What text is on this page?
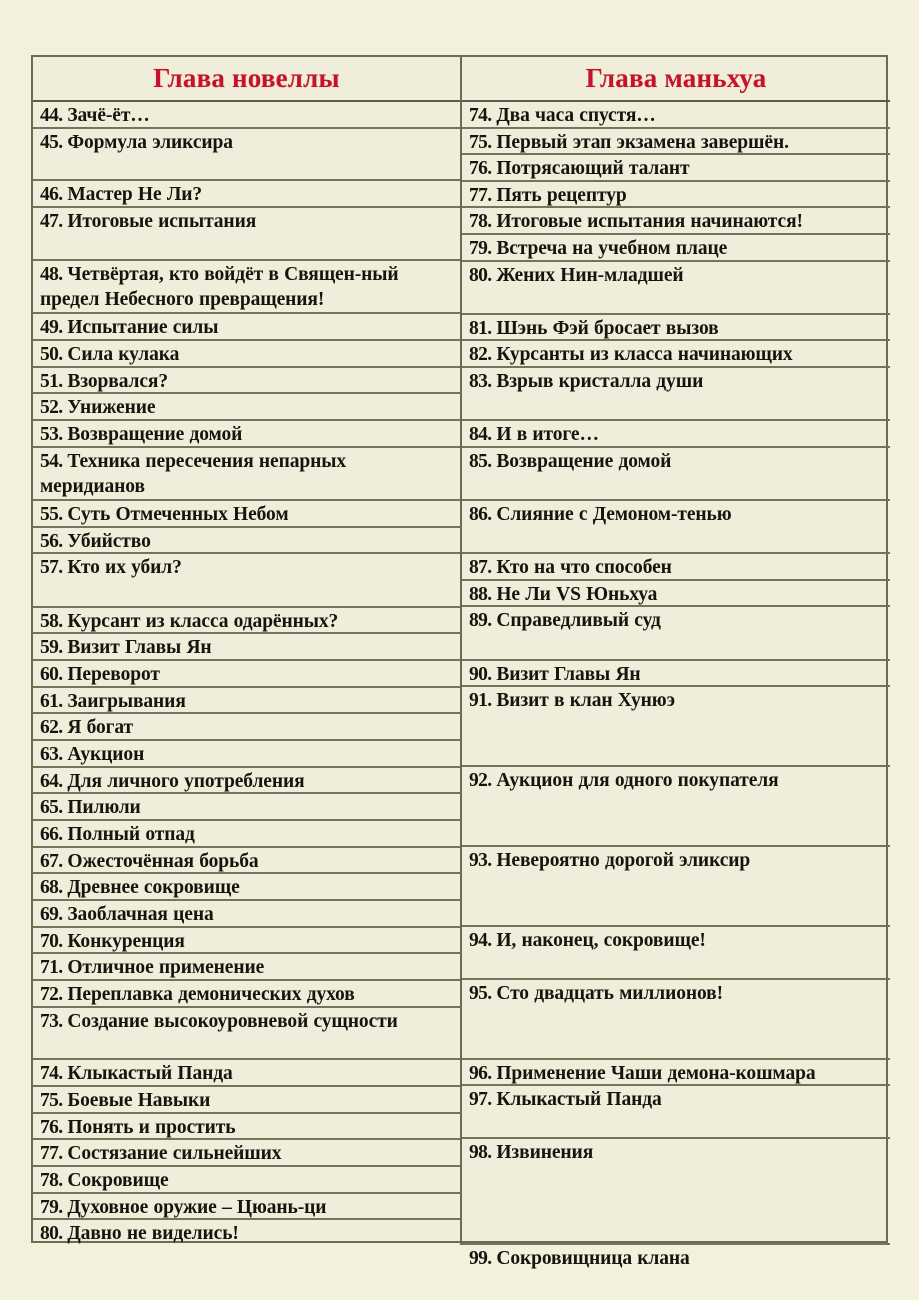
Глава новеллы	Глава маньхуа
44. Зачё-ёт…
45. Формула эликсира
46. Мастер Не Ли?
47. Итоговые испытания
48. Четвёртая, кто войдёт в Священ-ный предел Небесного превращения!
49. Испытание силы
50. Сила кулака
51. Взорвался?
52. Унижение
53. Возвращение домой
54. Техника пересечения непарных меридианов
55. Суть Отмеченных Небом
56. Убийство
57. Кто их убил?
58. Курсант из класса одарённых?
59. Визит Главы Ян
60. Переворот
61. Заигрывания
62. Я богат
63. Аукцион
64. Для личного употребления
65. Пилюли
66. Полный отпад
67. Ожесточённая борьба
68. Древнее сокровище
69. Заоблачная цена
70. Конкуренция
71. Отличное применение
72. Переплавка демонических духов
73. Создание высокоуровневой сущности
74. Клыкастый Панда
75. Боевые Навыки
76. Понять и простить
77. Состязание сильнейших
78. Сокровище
79. Духовное оружие – Цюань-ци
80. Давно не виделись!
74. Два часа спустя…
75. Первый этап экзамена завершён.
76. Потрясающий талант
77. Пять рецептур
78. Итоговые испытания начинаются!
79. Встреча на учебном плаце
80. Жених Нин-младшей
81. Шэнь Фэй бросает вызов
82. Курсанты из класса начинающих
83. Взрыв кристалла души
84. И в итоге…
85. Возвращение домой
86. Слияние с Демоном-тенью
87. Кто на что способен
88. Не Ли VS Юньхуа
89. Справедливый суд
90. Визит Главы Ян
91. Визит в клан Хунюэ
92. Аукцион для одного покупателя
93. Невероятно дорогой эликсир
94. И, наконец, сокровище!
95. Сто двадцать миллионов!
96. Применение Чаши демона-кошмара
97. Клыкастый Панда
98. Извинения
99. Сокровищница клана
